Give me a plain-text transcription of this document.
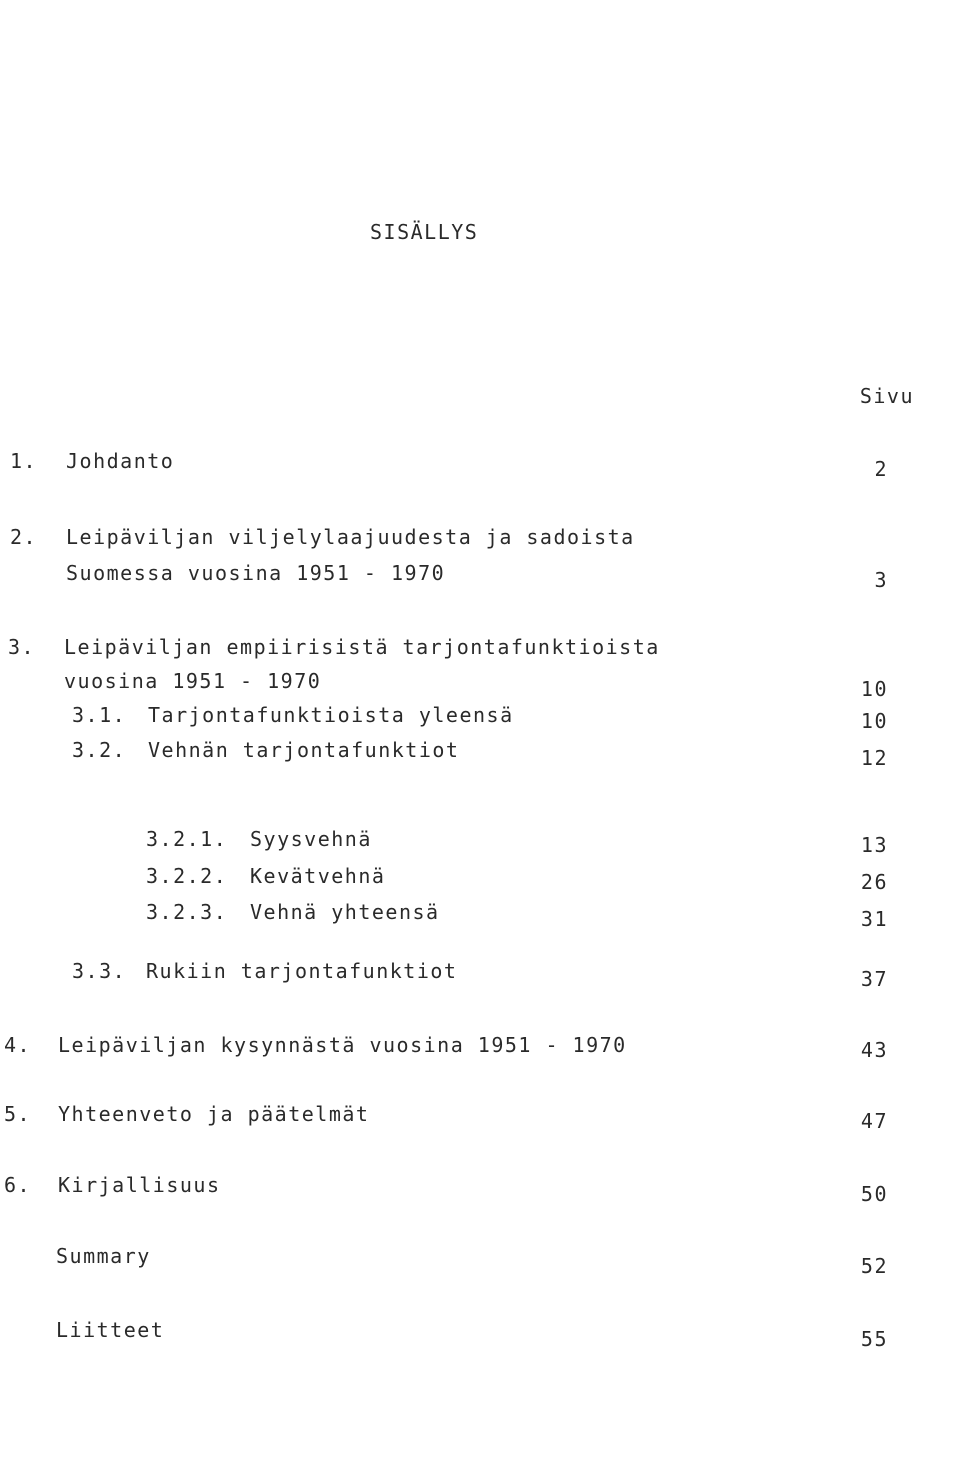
SISÄLLYS
Sivu
1. Johdanto	2
2. Leipäviljan viljelylaajuudesta ja sadoista
Suomessa vuosina 1951 - 1970	3
3. Leipäviljan empiirisistä tarjontafunktioista
vuosina 1951 - 1970	10
3.1. Tarjontafunktioista yleensä	10
3.2. Vehnän tarjontafunktiot	12
3.2.1. Syysvehnä	13
3.2.2. Kevätvehnä	26
3.2.3. Vehnä yhteensä	31
3.3. Rukiin tarjontafunktiot	37
4. Leipäviljan kysynnästä vuosina 1951 - 1970	43
5. Yhteenveto ja päätelmät	47
6. Kirjallisuus	50
Summary	52
Liitteet	55
